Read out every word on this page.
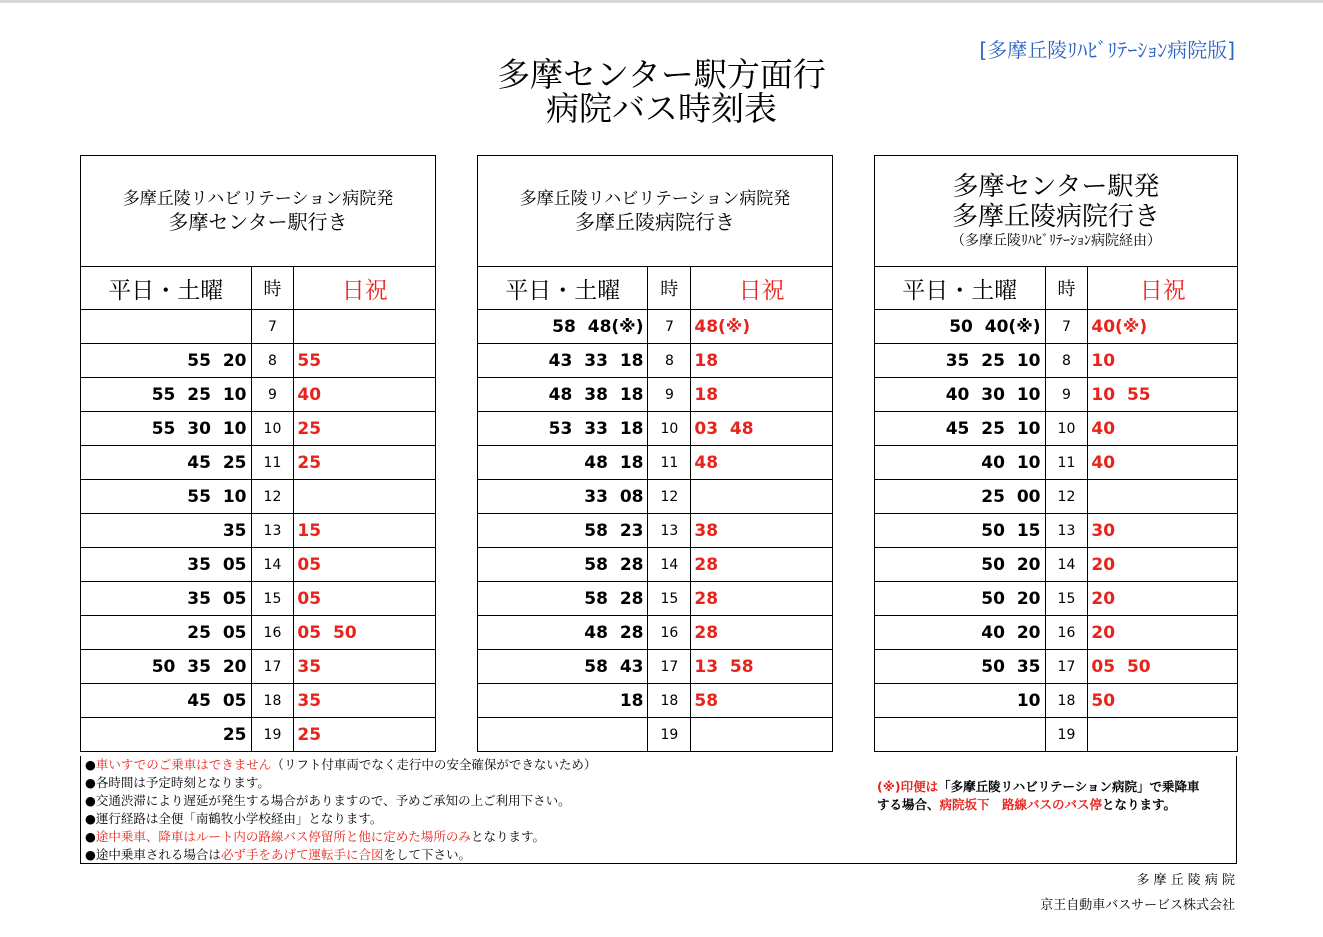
[多摩丘陵ﾘﾊﾋﾞﾘﾃｰｼｮﾝ病院版]
多摩センター駅方面行
病院バス時刻表
多摩丘陵リハビリテーション病院発
多摩センター駅行き		

平日・土曜	時	日祝
	7	
55 20	8	55
55 25 10	9	40
55 30 10	10	25
45 25	11	25
55 10	12	
35	13	15
35 05	14	05
35 05	15	05
25 05	16	05 50
50 35 20	17	35
45 05	18	35
25	19	25
多摩丘陵リハビリテーション病院発
多摩丘陵病院行き		

平日・土曜	時	日祝
58 48(※)	7	48(※)
43 33 18	8	18
48 38 18	9	18
53 33 18	10	03 48
48 18	11	48
33 08	12	
58 23	13	38
58 28	14	28
58 28	15	28
48 28	16	28
58 43	17	13 58
18	18	58
	19	
多摩センター駅発
多摩丘陵病院行き
（多摩丘陵ﾘﾊﾋﾞﾘﾃｰｼｮﾝ病院経由）		

平日・土曜	時	日祝
50 40(※)	7	40(※)
35 25 10	8	10
40 30 10	9	10 55
45 25 10	10	40
40 10	11	40
25 00	12	
50 15	13	30
50 20	14	20
50 20	15	20
40 20	16	20
50 35	17	05 50
10	18	50
	19	
●車いすでのご乗車はできません（リフト付車両でなく走行中の安全確保ができないため）
●各時間は予定時刻となります。
●交通渋滞により遅延が発生する場合がありますので、予めご承知の上ご利用下さい。
●運行経路は全便「南鶴牧小学校経由」となります。
●途中乗車、降車はルート内の路線バス停留所と他に定めた場所のみとなります。
●途中乗車される場合は必ず手をあげて運転手に合図をして下さい。
(※)印便は「多摩丘陵リハビリテーション病院」で乗降車
する場合、病院坂下　路線バスのバス停となります。
多 摩 丘 陵 病 院
京王自動車バスサービス株式会社
